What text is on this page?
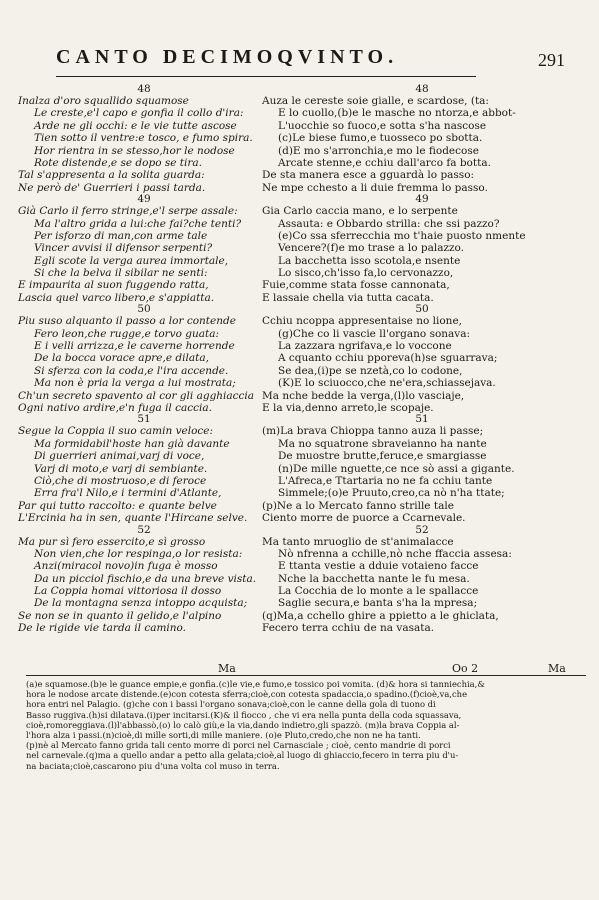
CANTO DECIMOQVINTO.	291
48
Inalza d'oro squallido squamose
Le creste,e'l capo e gonfia il collo d'ira:
Arde ne gli occhi: e le vie tutte ascose
Tien sotto il ventre:e tosco, e fumo spira.
Hor rientra in se stesso,hor le nodose
Rote distende,e se dopo se tira.
Tal s'appresenta a la solita guarda:
Ne però de' Guerrieri i passi tarda.
49
Già Carlo il ferro stringe,e'l serpe assale:
Ma l'altro grida a lui:che fai?che tenti?
Per isforzo di man,con arme tale
Vincer avvisi il difensor serpenti?
Egli scote la verga aurea immortale,
Si che la belva il sibilar ne senti:
E impaurita al suon fuggendo ratta,
Lascia quel varco libero,e s'appiatta.
50
Piu suso alquanto il passo a lor contende
Fero leon,che rugge,e torvo guata:
E i velli arrizza,e le caverne horrende
De la bocca vorace apre,e dilata,
Si sferza con la coda,e l'ira accende.
Ma non è pria la verga a lui mostrata;
Ch'un secreto spavento al cor gli agghiaccia
Ogni nativo ardire,e'n fuga il caccia.
51
Segue la Coppia il suo camin veloce:
Ma formidabil'hoste han già davante
Di guerrieri animai,varj di voce,
Varj di moto,e varj di sembiante.
Ciò,che di mostruoso,e di feroce
Erra fra'l Nilo,e i termini d'Atlante,
Par qui tutto raccolto: e quante belve
L'Ercinia ha in sen, quante l'Hircane selve.
52
Ma pur sì fero essercito,e sì grosso
Non vien,che lor respinga,o lor resista:
Anzi(miracol novo)in fuga è mosso
Da un picciol fischio,e da una breve vista.
La Coppia homai vittoriosa il dosso
De la montagna senza intoppo acquista;
Se non se in quanto il gelido,e l'alpino
De le rigide vie tarda il camino.
48
Auza le cereste soie gialle, e scardose, (ta:
E lo cuollo,(b)e le masche no ntorza,e abbot-
L'uocchie so fuoco,e sotta s'ha nascose
(c)Le biese fumo,e tuosseco po sbotta.
(d)E mo s'arronchia,e mo le fiodecose
Arcate stenne,e cchiu dall'arco fa botta.
De sta manera esce a gguardà lo passo:
Ne mpe cchesto a li duie fremma lo passo.
49
Gia Carlo caccia mano, e lo serpente
Assauta: e Obbardo strilla: che ssi pazzo?
(e)Co ssa sferrecchia mo t'haie puosto nmente
Vencere?(f)e mo trase a lo palazzo.
La bacchetta isso scotola,e nsente
Lo sisco,ch'isso fa,lo cervonazzo,
Fuie,comme stata fosse cannonata,
E lassaie chella via tutta cacata.
50
Cchiu ncoppa appresentaise no lione,
(g)Che co li vascie ll'organo sonava:
La zazzara ngrifava,e lo voccone
A cquanto cchiu pporeva(h)se sguarrava;
Se dea,(i)pe se nzetà,co lo codone,
(K)E lo sciuocco,che ne'era,schiassejava.
Ma nche bedde la verga,(l)lo vasciaje,
E la via,denno arreto,le scopaje.
51
(m)La brava Chioppa tanno auza li passe;
Ma no squatrone sbraveianno ha nante
De muostre brutte,feruce,e smargiasse
(n)De mille nguette,ce nce sò assi a gigante.
L'Afreca,e Ttartaria no ne fa cchiu tante
Simmele;(o)e Pruuto,creo,ca nò n'ha ttate;
(p)Ne a lo Mercato fanno strille tale
Ciento morre de puorce a Ccarnevale.
52
Ma tanto mruoglio de st'animalacce
Nò nfrenna a cchille,nò nche ffaccia assesa:
E ttanta vestie a dduie votaieno facce
Nche la bacchetta nante le fu mesa.
La Cocchia de lo monte a le spallacce
Saglie secura,e banta s'ha la mpresa;
(q)Ma,a cchello ghire a ppietto a le ghiclata,
Fecero terra cchiu de na vasata.
Ma	Oo 2	Ma
(a)e squamose.(b)e le guance empie,e gonfia.(c)le vie,e fumo,e tossico poi vomita. (d)& hora si tanniechia,&
hora le nodose arcate distende.(e)con cotesta sferra;cioè,con cotesta spadaccia,o spadino.(f)cioè,va,che
hora entri nel Palagio. (g)che con i bassi l'organo sonava;cioè,con le canne della gola di tuono di
Basso ruggiva.(h)si dilatava.(i)per incitarsi.(K)& il fiocco , che vi era nella punta della coda squassava,
cioè,romoreggiava.(l)l'abbassò,(o) lo calò giù,e la via,dando indietro,gli spazzò. (m)la brava Coppia al-
l'hora alza i passi.(n)cioè,di mille sorti,di mille maniere. (o)e Pluto,credo,che non ne ha tanti.
(p)nè al Mercato fanno grida tali cento morre di porci nel Carnasciale ; cioè, cento mandrie di porci
nel carnevale.(q)ma a quello andar a petto alla gelata;cioè,al luogo di ghiaccio,fecero in terra piu d'u-
na baciata;cioè,cascarono piu d'una volta col muso in terra.
